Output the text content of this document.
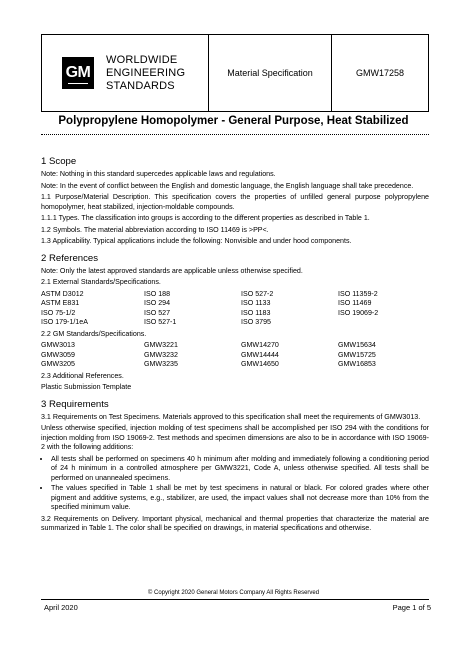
GM
WORLDWIDE
ENGINEERING
STANDARDS
Material Specification	GMW17258
Polypropylene Homopolymer - General Purpose, Heat Stabilized
1 Scope
Note: Nothing in this standard supercedes applicable laws and regulations.
Note: In the event of conflict between the English and domestic language, the English language shall take precedence.
1.1 Purpose/Material Description. This specification covers the properties of unfilled general purpose polypropylene homopolymer, heat stabilized, injection-moldable compounds.
1.1.1 Types. The classification into groups is according to the different properties as described in Table 1.
1.2 Symbols. The material abbreviation according to ISO 11469 is >PP<.
1.3 Applicability. Typical applications include the following: Nonvisible and under hood components.
2 References
Note: Only the latest approved standards are applicable unless otherwise specified.
2.1 External Standards/Specifications.
ASTM D3012	ISO 188	ISO 527-2	ISO 11359-2
ASTM E831	ISO 294	ISO 1133	ISO 11469
ISO 75-1/2	ISO 527	ISO 1183	ISO 19069-2
ISO 179-1/1eA	ISO 527-1	ISO 3795
2.2 GM Standards/Specifications.
GMW3013	GMW3221	GMW14270	GMW15634
GMW3059	GMW3232	GMW14444	GMW15725
GMW3205	GMW3235	GMW14650	GMW16853
2.3 Additional References.
Plastic Submission Template
3 Requirements
3.1 Requirements on Test Specimens. Materials approved to this specification shall meet the requirements of GMW3013.
Unless otherwise specified, injection molding of test specimens shall be accomplished per ISO 294 with the conditions for injection molding from ISO 19069-2. Test methods and specimen dimensions are also to be in accordance with ISO 19069-2 with the following additions:
• All tests shall be performed on specimens 40 h minimum after molding and immediately following a conditioning period of 24 h minimum in a controlled atmosphere per GMW3221, Code A, unless otherwise specified. All tests shall be performed on unannealed specimens.
• The values specified in Table 1 shall be met by test specimens in natural or black. For colored grades where other pigment and additive systems, e.g., stabilizer, are used, the impact values shall not decrease more than 10% from the specified minimum value.
3.2 Requirements on Delivery. Important physical, mechanical and thermal properties that characterize the material are summarized in Table 1. The color shall be specified on drawings, in material specifications and otherwise.
© Copyright 2020 General Motors Company All Rights Reserved
April 2020	Page 1 of 5
